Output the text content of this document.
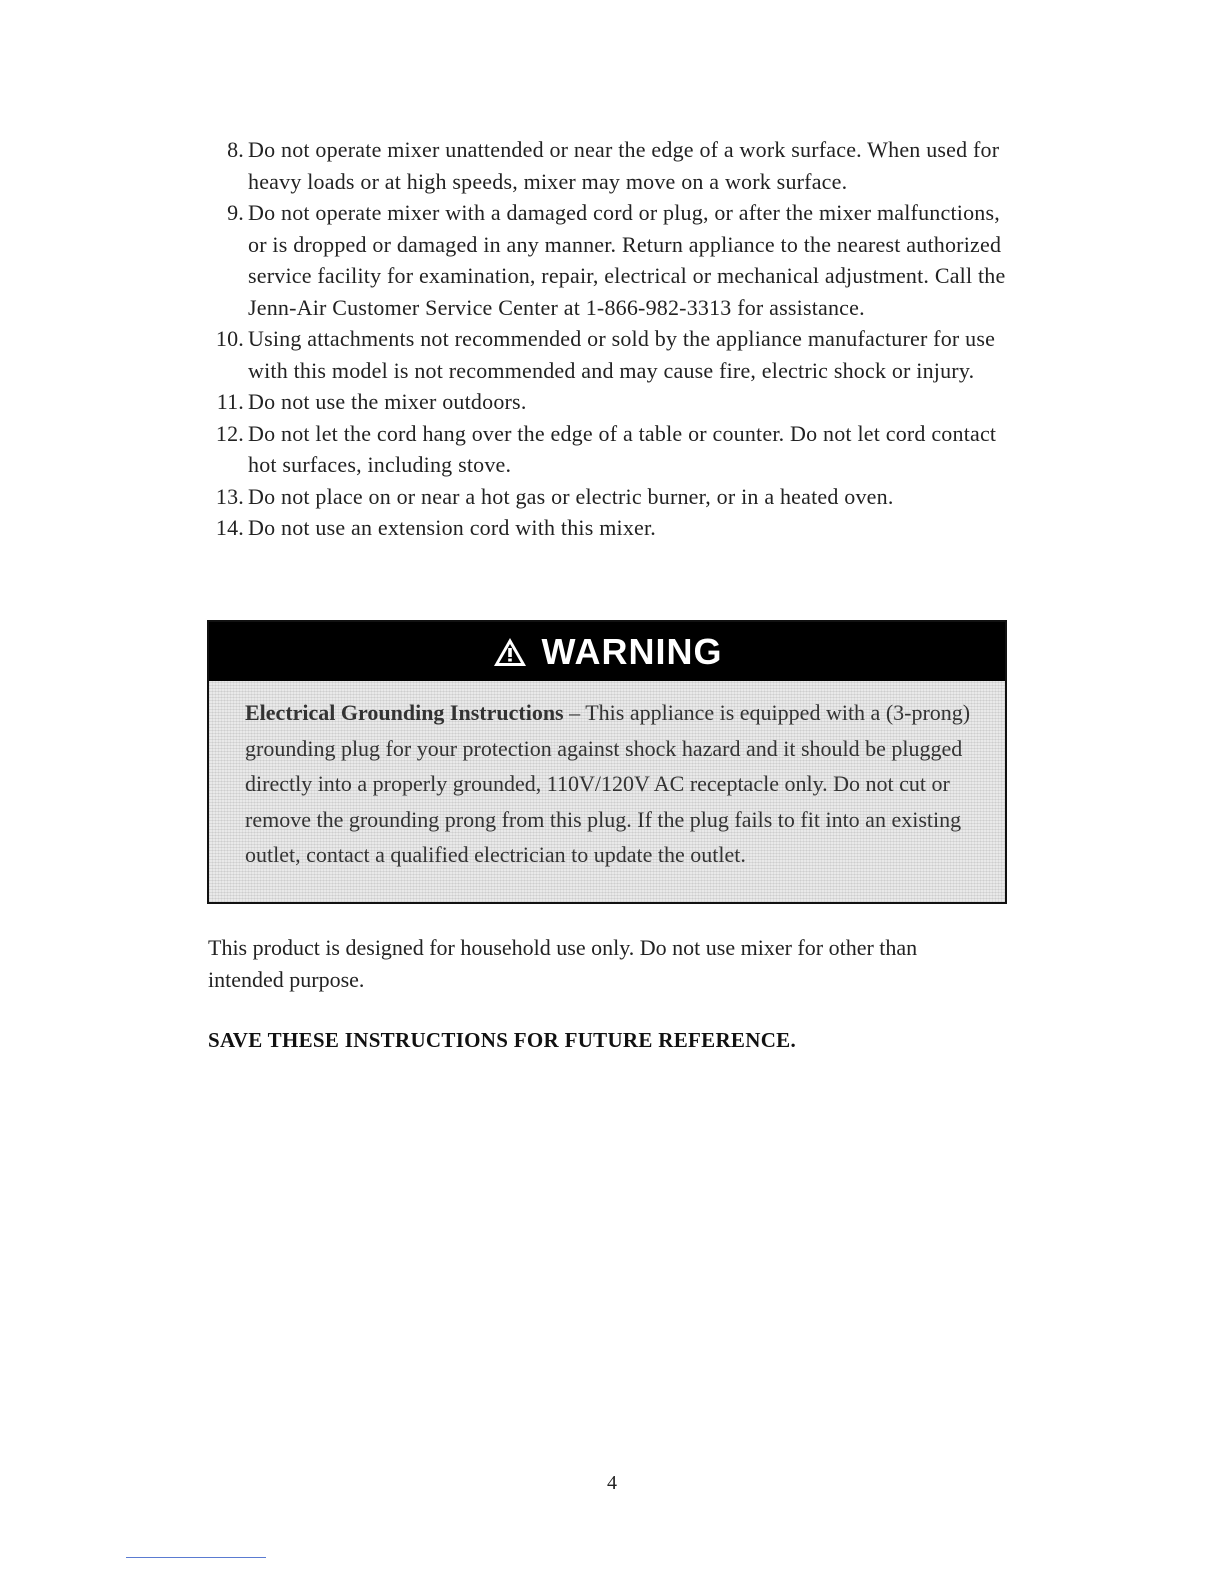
8. Do not operate mixer unattended or near the edge of a work surface. When used for heavy loads or at high speeds, mixer may move on a work surface.
9. Do not operate mixer with a damaged cord or plug, or after the mixer malfunctions, or is dropped or damaged in any manner. Return appliance to the nearest authorized service facility for examination, repair, electrical or mechanical adjustment. Call the Jenn-Air Customer Service Center at 1-866-982-3313 for assistance.
10. Using attachments not recommended or sold by the appliance manufacturer for use with this model is not recommended and may cause fire, electric shock or injury.
11. Do not use the mixer outdoors.
12. Do not let the cord hang over the edge of a table or counter. Do not let cord contact hot surfaces, including stove.
13. Do not place on or near a hot gas or electric burner, or in a heated oven.
14. Do not use an extension cord with this mixer.
WARNING
Electrical Grounding Instructions – This appliance is equipped with a (3-prong) grounding plug for your protection against shock hazard and it should be plugged directly into a properly grounded, 110V/120V AC receptacle only. Do not cut or remove the grounding prong from this plug. If the plug fails to fit into an existing outlet, contact a qualified electrician to update the outlet.

This product is designed for household use only. Do not use mixer for other than intended purpose.

SAVE THESE INSTRUCTIONS FOR FUTURE REFERENCE.

4
